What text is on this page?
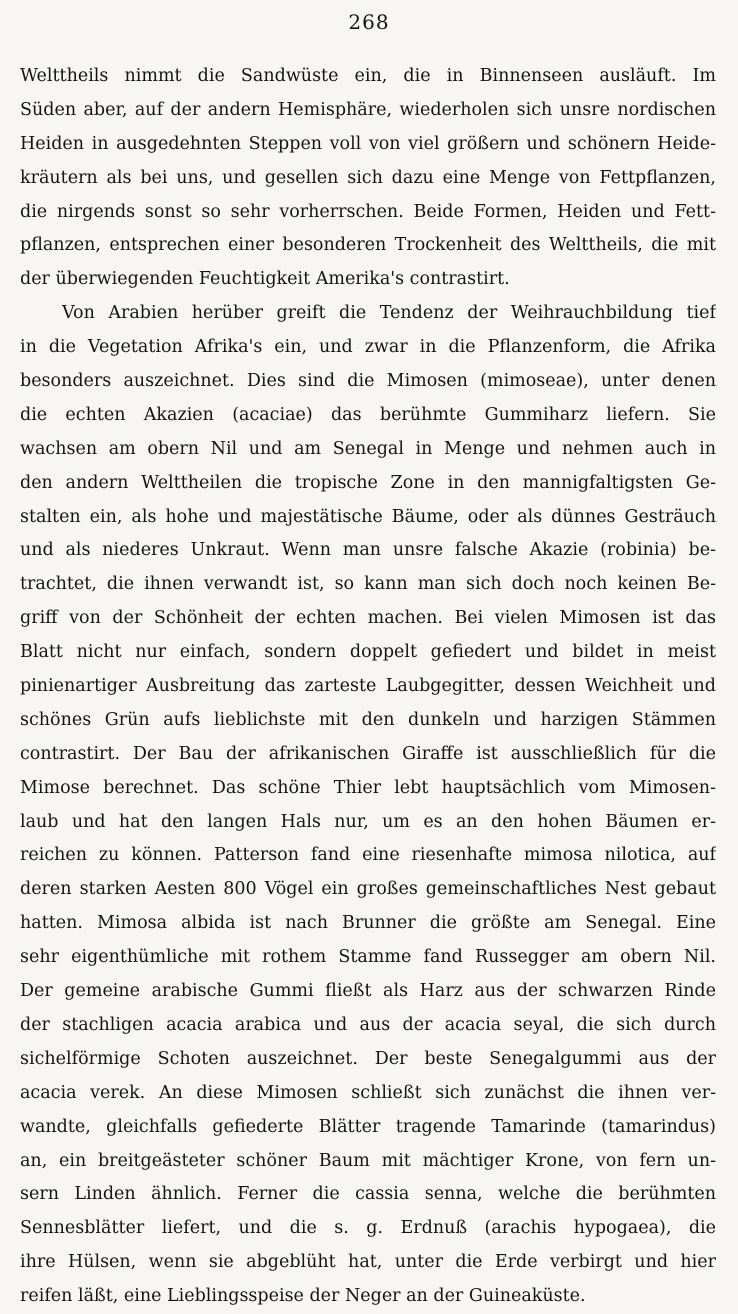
268
Welttheils nimmt die Sandwüste ein, die in Binnenseen ausläuft. Im
Süden aber, auf der andern Hemisphäre, wiederholen sich unsre nordischen
Heiden in ausgedehnten Steppen voll von viel größern und schönern Heide-
kräutern als bei uns, und gesellen sich dazu eine Menge von Fettpflanzen,
die nirgends sonst so sehr vorherrschen. Beide Formen, Heiden und Fett-
pflanzen, entsprechen einer besonderen Trockenheit des Welttheils, die mit
der überwiegenden Feuchtigkeit Amerika's contrastirt.
Von Arabien herüber greift die Tendenz der Weihrauchbildung tief
in die Vegetation Afrika's ein, und zwar in die Pflanzenform, die Afrika
besonders auszeichnet. Dies sind die Mimosen (mimoseae), unter denen
die echten Akazien (acaciae) das berühmte Gummiharz liefern. Sie
wachsen am obern Nil und am Senegal in Menge und nehmen auch in
den andern Welttheilen die tropische Zone in den mannigfaltigsten Ge-
stalten ein, als hohe und majestätische Bäume, oder als dünnes Gesträuch
und als niederes Unkraut. Wenn man unsre falsche Akazie (robinia) be-
trachtet, die ihnen verwandt ist, so kann man sich doch noch keinen Be-
griff von der Schönheit der echten machen. Bei vielen Mimosen ist das
Blatt nicht nur einfach, sondern doppelt gefiedert und bildet in meist
pinienartiger Ausbreitung das zarteste Laubgegitter, dessen Weichheit und
schönes Grün aufs lieblichste mit den dunkeln und harzigen Stämmen
contrastirt. Der Bau der afrikanischen Giraffe ist ausschließlich für die
Mimose berechnet. Das schöne Thier lebt hauptsächlich vom Mimosen-
laub und hat den langen Hals nur, um es an den hohen Bäumen er-
reichen zu können. Patterson fand eine riesenhafte mimosa nilotica, auf
deren starken Aesten 800 Vögel ein großes gemeinschaftliches Nest gebaut
hatten. Mimosa albida ist nach Brunner die größte am Senegal. Eine
sehr eigenthümliche mit rothem Stamme fand Russegger am obern Nil.
Der gemeine arabische Gummi fließt als Harz aus der schwarzen Rinde
der stachligen acacia arabica und aus der acacia seyal, die sich durch
sichelförmige Schoten auszeichnet. Der beste Senegalgummi aus der
acacia verek. An diese Mimosen schließt sich zunächst die ihnen ver-
wandte, gleichfalls gefiederte Blätter tragende Tamarinde (tamarindus)
an, ein breitgeästeter schöner Baum mit mächtiger Krone, von fern un-
sern Linden ähnlich. Ferner die cassia senna, welche die berühmten
Sennesblätter liefert, und die s. g. Erdnuß (arachis hypogaea), die
ihre Hülsen, wenn sie abgeblüht hat, unter die Erde verbirgt und hier
reifen läßt, eine Lieblingsspeise der Neger an der Guineaküste.
